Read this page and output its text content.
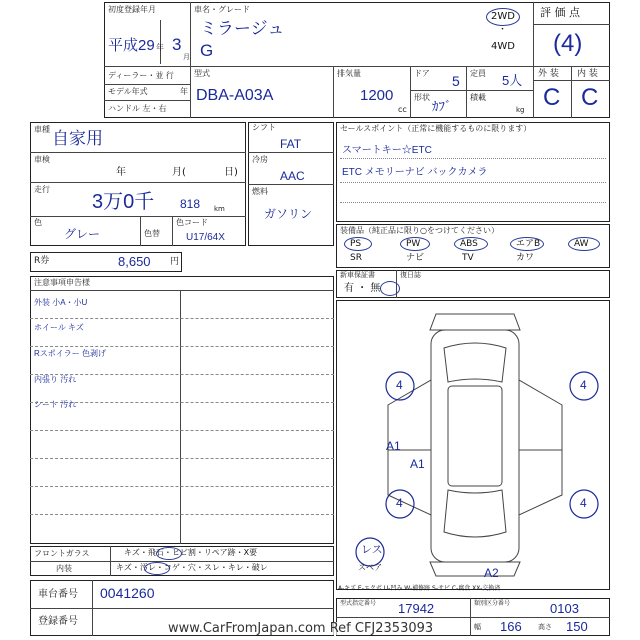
初度登録年月
平成29 年 3
月
車名・グレード
ミラージュ
G
2WD
・
4WD
評 価 点
(4)
外 装 内 装
C C
ディーラー・並 行
モデル年式	年
ハンドル 左・右
型式
DBA-A03A
排気量
1200
cc
ドア 5 定員 5人
形状
ｶﾌﾞ
積載
kg
車種 自家用
車検
年	月(	日)
走行
3万0千 818 km
色
グレー	色替
色コード
U17/64X
シフト
FAT
冷房
AAC
燃料
ガソリン
セールスポイント（正常に機能するものに限ります）
スマートキー☆ETC
ETC メモリーナビ バックカメラ
装備品（純正品に限り○をつけてください）
PS	PW	ABS	エアB	AW
SR	ナビ	TV	カワ
新車保証書
有 ・ 無
復日誌
R券	8,650 円
注意事項申告様
外装 小A・小U
ホイール キズ
Rスポイラー 色剥げ
内張り 汚れ
シート 汚れ
フロントガラス	キズ・飛石・ヒビ割・リペア跡・X要
内装	キズ・汚レ・コゲ・穴・スレ・キレ・破レ
4	4
4	4
A1
A1
A2
レス
スペア
A-キズ E-エクボ U-凹み W-補修跡 S-サビ C-腐食 XX-交換済
車台番号 0041260
登録番号
型式指定番号 17942	類別区分番号	0103
幅 166 高さ 150
www.CarFromJapan.com Ref CFJ2353093
